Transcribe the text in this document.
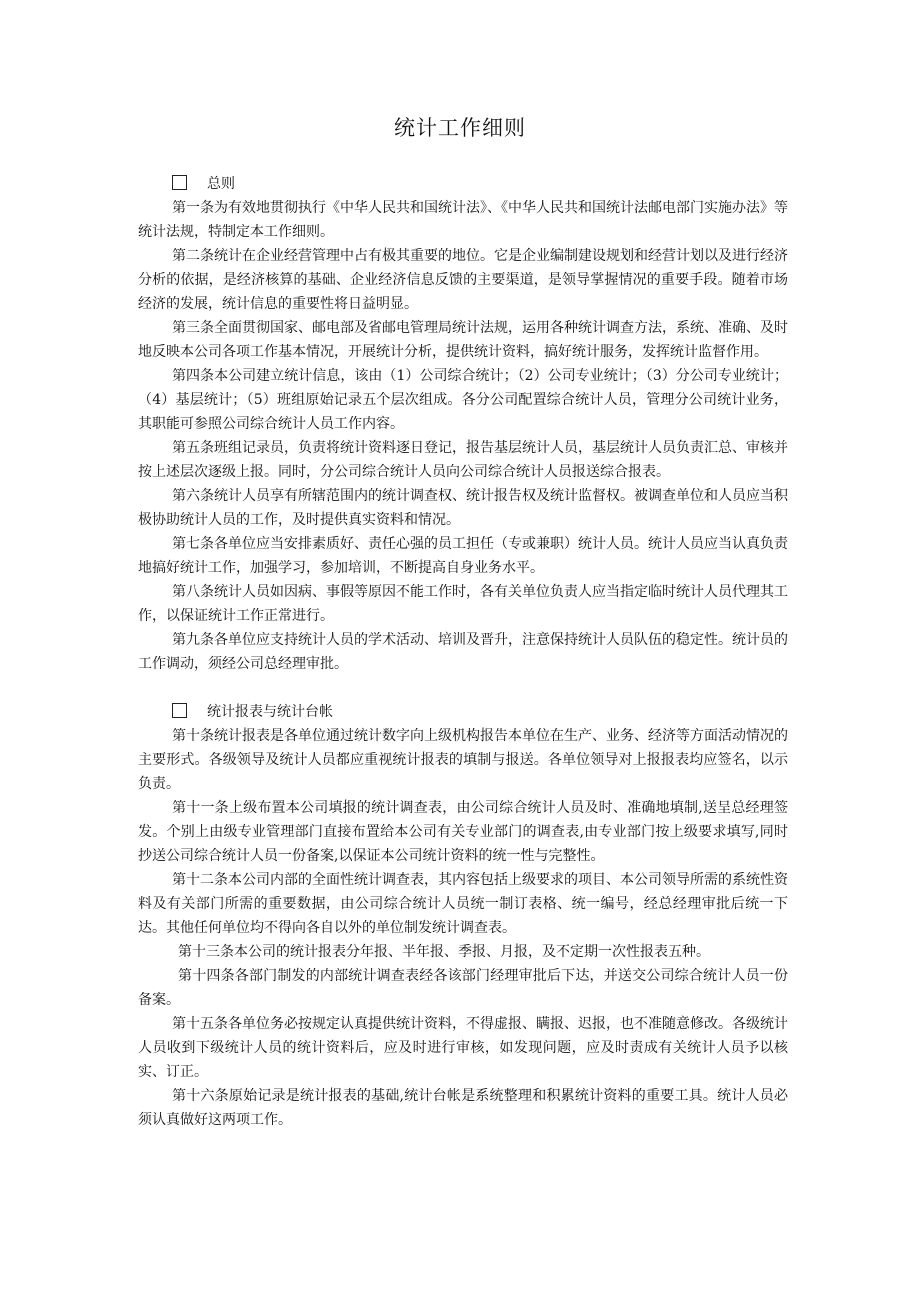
统计工作细则
总则

第一条为有效地贯彻执行《中华人民共和国统计法》、《中华人民共和国统计法邮电部门实施办法》等统计法规，特制定本工作细则。

第二条统计在企业经营管理中占有极其重要的地位。它是企业编制建设规划和经营计划以及进行经济分析的依据，是经济核算的基础、企业经济信息反馈的主要渠道，是领导掌握情况的重要手段。随着市场经济的发展，统计信息的重要性将日益明显。

第三条全面贯彻国家、邮电部及省邮电管理局统计法规，运用各种统计调查方法，系统、准确、及时地反映本公司各项工作基本情况，开展统计分析，提供统计资料，搞好统计服务，发挥统计监督作用。

第四条本公司建立统计信息，该由（1）公司综合统计；（2）公司专业统计；（3）分公司专业统计；（4）基层统计；（5）班组原始记录五个层次组成。各分公司配置综合统计人员，管理分公司统计业务，其职能可参照公司综合统计人员工作内容。

第五条班组记录员，负责将统计资料逐日登记，报告基层统计人员，基层统计人员负责汇总、审核并按上述层次逐级上报。同时，分公司综合统计人员向公司综合统计人员报送综合报表。

第六条统计人员享有所辖范围内的统计调查权、统计报告权及统计监督权。被调查单位和人员应当积极协助统计人员的工作，及时提供真实资料和情况。

第七条各单位应当安排素质好、责任心强的员工担任（专或兼职）统计人员。统计人员应当认真负责地搞好统计工作，加强学习，参加培训，不断提高自身业务水平。

第八条统计人员如因病、事假等原因不能工作时，各有关单位负责人应当指定临时统计人员代理其工作，以保证统计工作正常进行。

第九条各单位应支持统计人员的学术活动、培训及晋升，注意保持统计人员队伍的稳定性。统计员的工作调动，须经公司总经理审批。

统计报表与统计台帐

第十条统计报表是各单位通过统计数字向上级机构报告本单位在生产、业务、经济等方面活动情况的主要形式。各级领导及统计人员都应重视统计报表的填制与报送。各单位领导对上报报表均应签名，以示负责。

第十一条上级布置本公司填报的统计调查表，由公司综合统计人员及时、准确地填制,送呈总经理签发。个别上由级专业管理部门直接布置给本公司有关专业部门的调查表,由专业部门按上级要求填写,同时抄送公司综合统计人员一份备案,以保证本公司统计资料的统一性与完整性。

第十二条本公司内部的全面性统计调查表，其内容包括上级要求的项目、本公司领导所需的系统性资料及有关部门所需的重要数据，由公司综合统计人员统一制订表格、统一编号，经总经理审批后统一下达。其他任何单位均不得向各自以外的单位制发统计调查表。

第十三条本公司的统计报表分年报、半年报、季报、月报，及不定期一次性报表五种。

第十四条各部门制发的内部统计调查表经各该部门经理审批后下达，并送交公司综合统计人员一份备案。

第十五条各单位务必按规定认真提供统计资料，不得虚报、瞒报、迟报，也不准随意修改。各级统计人员收到下级统计人员的统计资料后，应及时进行审核，如发现问题，应及时责成有关统计人员予以核实、订正。

第十六条原始记录是统计报表的基础,统计台帐是系统整理和积累统计资料的重要工具。统计人员必须认真做好这两项工作。
